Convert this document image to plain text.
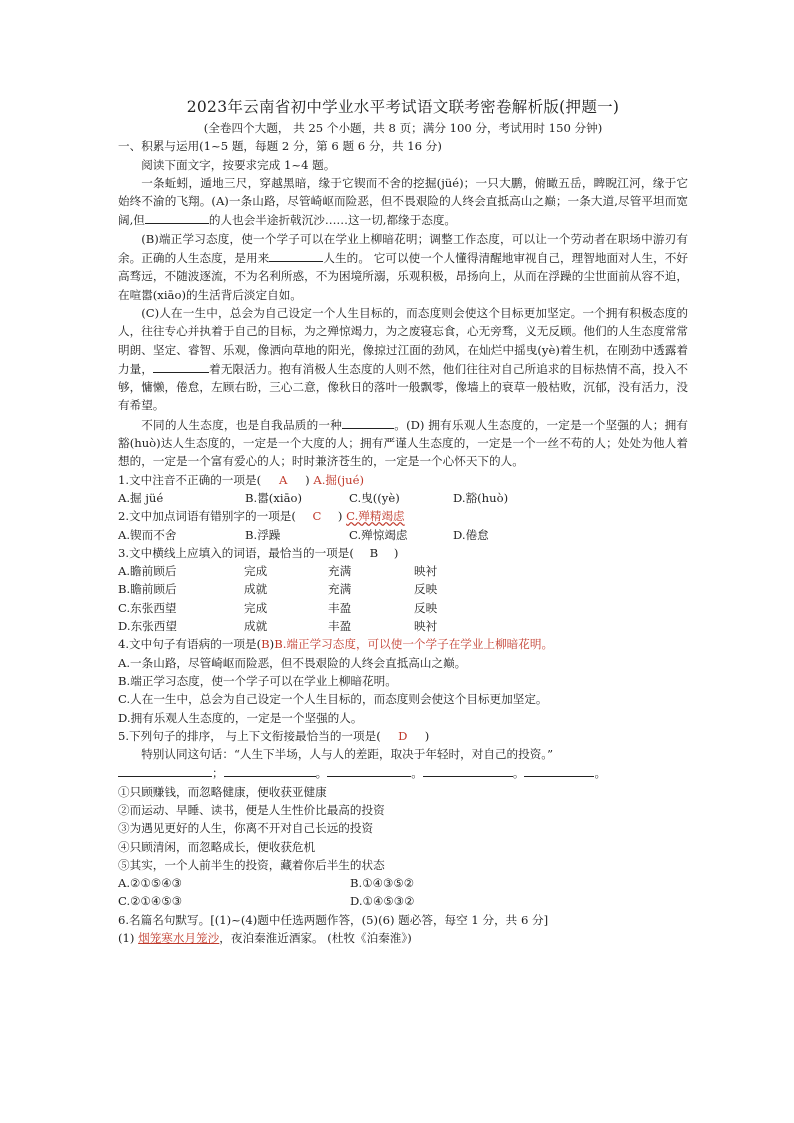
2023年云南省初中学业水平考试语文联考密卷解析版(押题一)

(全卷四个大题， 共 25 个小题，共 8 页；满分 100 分，考试用时 150 分钟)

一、积累与运用(1~5 题，每题 2 分，第 6 题 6 分，共 16 分)

阅读下面文字，按要求完成 1~4 题。

一条蚯蚓，遁地三尺，穿越黑暗，缘于它锲而不舍的挖掘(jüé)；一只大鹏，俯瞰五岳，睥睨江河，缘于它始终不渝的飞翔。(A)一条山路，尽管崎岖而险恶，但不畏艰险的人终会直抵高山之巅；一条大道,尽管平坦而宽阔,但	的人也会半途折戟沉沙……这一切,都缘于态度。

(B)端正学习态度，使一个学子可以在学业上柳暗花明；调整工作态度，可以让一个劳动者在职场中游刃有余。正确的人生态度，是用来	人生的。 它可以使一个人懂得清醒地审视自己，理智地面对人生，不好高骛远，不随波逐流，不为名利所惑，不为困境所溺，乐观积极，昂扬向上，从而在浮躁的尘世面前从容不迫，在喧嚣(xiāo)的生活背后淡定自如。

(C)人在一生中，总会为自己设定一个人生目标的，而态度则会使这个目标更加坚定。一个拥有积极态度的人，往往专心并执着于自己的目标，为之殚惊竭力，为之废寝忘食，心无旁骛，义无反顾。他们的人生态度常常明朗、坚定、睿智、乐观，像洒向草地的阳光，像掠过江面的劲风，在灿烂中摇曳(yè)着生机，在刚劲中透露着力量，	着无限活力。抱有消极人生态度的人则不然，他们往往对自己所追求的目标热情不高，投入不够，慵懒，倦怠，左顾右盼，三心二意，像秋日的落叶一般飘零，像墙上的衰草一般枯败，沉郁，没有活力，没有希望。

不同的人生态度，也是自我品质的一种	。(D) 拥有乐观人生态度的，一定是一个坚强的人；拥有豁(huò)达人生态度的，一定是一个大度的人；拥有严谨人生态度的，一定是一个一丝不苟的人；处处为他人着想的，一定是一个富有爱心的人；时时兼济苍生的，一定是一个心怀天下的人。

1.文中注音不正确的一项是( A ) A.掘(jué)

A.掘 jüé	B.嚣(xiāo)	C.曳((yè)	D.豁(huò)

2.文中加点词语有错别字的一项是( C ) C.殚精竭虑

A.锲而不舍	B.浮躁	C.殚惊竭虑	D.倦怠

3.文中横线上应填入的词语，最恰当的一项是( B )

A.瞻前顾后	完成	充满	映衬
B.瞻前顾后	成就	充满	反映
C.东张西望	完成	丰盈	反映
D.东张西望	成就	丰盈	映衬

4.文中句子有语病的一项是(B)B.端正学习态度，可以使一个学子在学业上柳暗花明。

A.一条山路，尽管崎岖而险恶，但不畏艰险的人终会直抵高山之巅。

B.端正学习态度，使一个学子可以在学业上柳暗花明。

C.人在一生中，总会为自己设定一个人生目标的，而态度则会使这个目标更加坚定。

D.拥有乐观人生态度的，一定是一个坚强的人。

5.下列句子的排序， 与上下文衔接最恰当的一项是( D )

特别认同这句话：“人生下半场，人与人的差距，取决于年轻时，对自己的投资。”

；	。	。	。	。

①只顾赚钱，而忽略健康，便收获亚健康

②而运动、早睡、读书，便是人生性价比最高的投资

③为遇见更好的人生，你离不开对自己长远的投资

④只顾清闲，而忽略成长，便收获危机

⑤其实，一个人前半生的投资，藏着你后半生的状态

A.②①⑤④③	B.①④③⑤②
C.②①④⑤③	D.①④⑤③②

6.名篇名句默写。[(1)~(4)题中任选两题作答，(5)(6) 题必答，每空 1 分，共 6 分]

(1) 烟笼寒水月笼沙，夜泊秦淮近酒家。 (杜牧《泊秦淮》)
